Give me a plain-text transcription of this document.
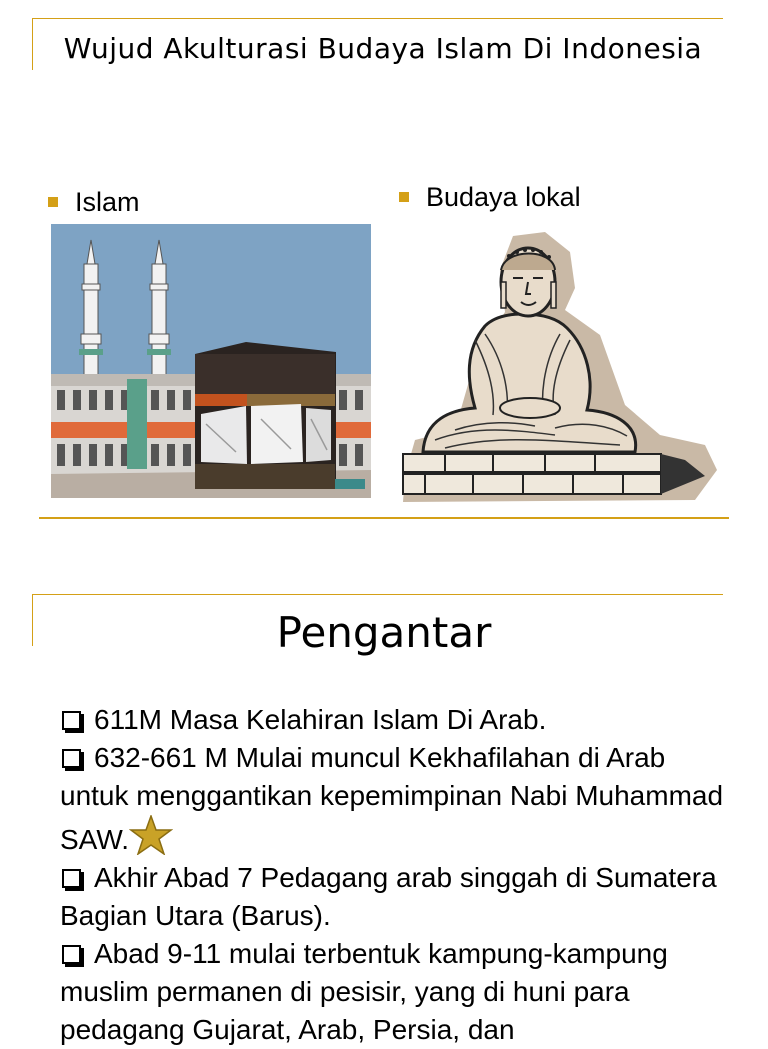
Wujud Akulturasi Budaya Islam Di Indonesia
Islam	Budaya lokal
Pengantar

611M Masa Kelahiran Islam Di Arab.

632-661 M Mulai muncul Kekhafilahan di Arab untuk menggantikan kepemimpinan Nabi Muhammad SAW.

Akhir Abad 7 Pedagang arab singgah di Sumatera Bagian Utara (Barus).

Abad 9-11 mulai terbentuk kampung-kampung muslim permanen di pesisir, yang di huni para pedagang Gujarat, Arab, Persia, dan
